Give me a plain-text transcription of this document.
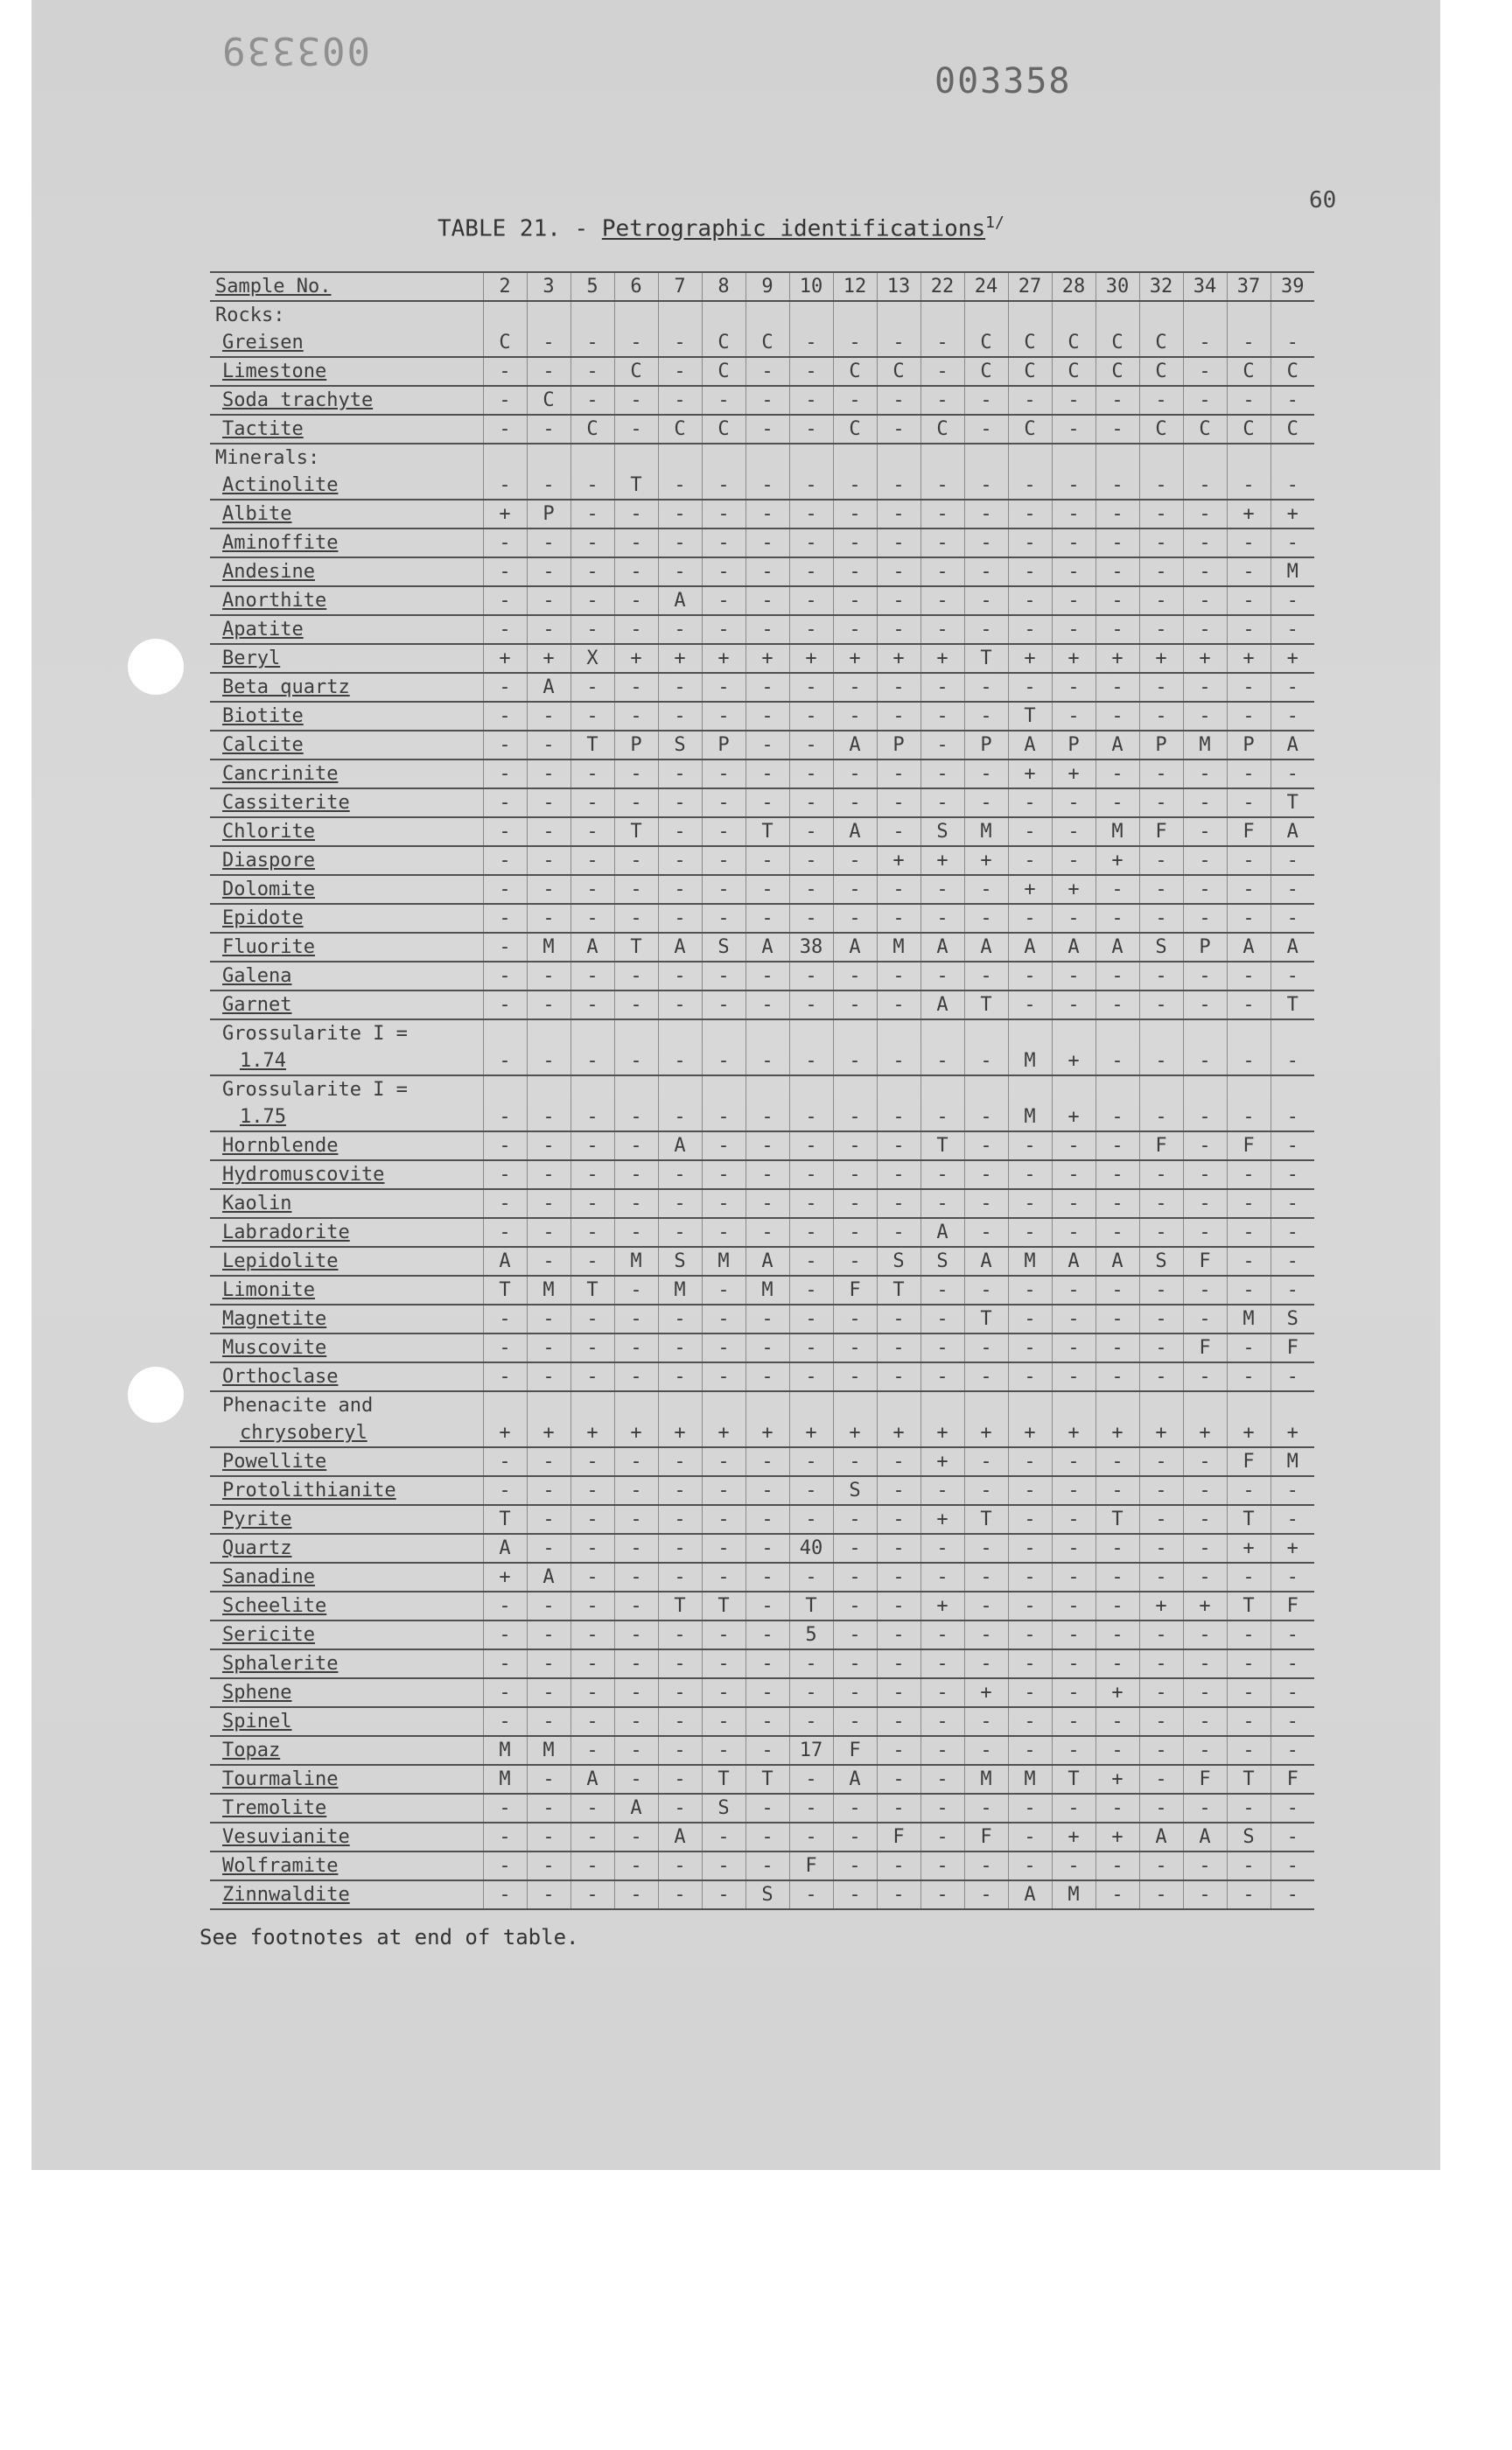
003339
003358
60
TABLE 21. - Petrographic identifications$^{1/}$
Sample No.	2	3	5	6	7	8	9	10	12	13	22	24	27	28	30	32	34	37	39
Rocks:																			
Greisen	C	-	-	-	-	C	C	-	-	-	-	C	C	C	C	C	-	-	-
Limestone	-	-	-	C	-	C	-	-	C	C	-	C	C	C	C	C	-	C	C
Soda trachyte	-	C	-	-	-	-	-	-	-	-	-	-	-	-	-	-	-	-	-
Tactite	-	-	C	-	C	C	-	-	C	-	C	-	C	-	-	C	C	C	C
Minerals:																			
Actinolite	-	-	-	T	-	-	-	-	-	-	-	-	-	-	-	-	-	-	-
Albite	+	P	-	-	-	-	-	-	-	-	-	-	-	-	-	-	-	+	+
Aminoffite	-	-	-	-	-	-	-	-	-	-	-	-	-	-	-	-	-	-	-
Andesine	-	-	-	-	-	-	-	-	-	-	-	-	-	-	-	-	-	-	M
Anorthite	-	-	-	-	A	-	-	-	-	-	-	-	-	-	-	-	-	-	-
Apatite	-	-	-	-	-	-	-	-	-	-	-	-	-	-	-	-	-	-	-
Beryl	+	+	X	+	+	+	+	+	+	+	+	T	+	+	+	+	+	+	+
Beta quartz	-	A	-	-	-	-	-	-	-	-	-	-	-	-	-	-	-	-	-
Biotite	-	-	-	-	-	-	-	-	-	-	-	-	T	-	-	-	-	-	-
Calcite	-	-	T	P	S	P	-	-	A	P	-	P	A	P	A	P	M	P	A
Cancrinite	-	-	-	-	-	-	-	-	-	-	-	-	+	+	-	-	-	-	-
Cassiterite	-	-	-	-	-	-	-	-	-	-	-	-	-	-	-	-	-	-	T
Chlorite	-	-	-	T	-	-	T	-	A	-	S	M	-	-	M	F	-	F	A
Diaspore	-	-	-	-	-	-	-	-	-	+	+	+	-	-	+	-	-	-	-
Dolomite	-	-	-	-	-	-	-	-	-	-	-	-	+	+	-	-	-	-	-
Epidote	-	-	-	-	-	-	-	-	-	-	-	-	-	-	-	-	-	-	-
Fluorite	-	M	A	T	A	S	A	38	A	M	A	A	A	A	A	S	P	A	A
Galena	-	-	-	-	-	-	-	-	-	-	-	-	-	-	-	-	-	-	-
Garnet	-	-	-	-	-	-	-	-	-	-	A	T	-	-	-	-	-	-	T
Grossularite I =																			
1.74	-	-	-	-	-	-	-	-	-	-	-	-	M	+	-	-	-	-	-
Grossularite I =																			
1.75	-	-	-	-	-	-	-	-	-	-	-	-	M	+	-	-	-	-	-
Hornblende	-	-	-	-	A	-	-	-	-	-	T	-	-	-	-	F	-	F	-
Hydromuscovite	-	-	-	-	-	-	-	-	-	-	-	-	-	-	-	-	-	-	-
Kaolin	-	-	-	-	-	-	-	-	-	-	-	-	-	-	-	-	-	-	-
Labradorite	-	-	-	-	-	-	-	-	-	-	A	-	-	-	-	-	-	-	-
Lepidolite	A	-	-	M	S	M	A	-	-	S	S	A	M	A	A	S	F	-	-
Limonite	T	M	T	-	M	-	M	-	F	T	-	-	-	-	-	-	-	-	-
Magnetite	-	-	-	-	-	-	-	-	-	-	-	T	-	-	-	-	-	M	S
Muscovite	-	-	-	-	-	-	-	-	-	-	-	-	-	-	-	-	F	-	F
Orthoclase	-	-	-	-	-	-	-	-	-	-	-	-	-	-	-	-	-	-	-
Phenacite and																			
chrysoberyl	+	+	+	+	+	+	+	+	+	+	+	+	+	+	+	+	+	+	+
Powellite	-	-	-	-	-	-	-	-	-	-	+	-	-	-	-	-	-	F	M
Protolithianite	-	-	-	-	-	-	-	-	S	-	-	-	-	-	-	-	-	-	-
Pyrite	T	-	-	-	-	-	-	-	-	-	+	T	-	-	T	-	-	T	-
Quartz	A	-	-	-	-	-	-	40	-	-	-	-	-	-	-	-	-	+	+
Sanadine	+	A	-	-	-	-	-	-	-	-	-	-	-	-	-	-	-	-	-
Scheelite	-	-	-	-	T	T	-	T	-	-	+	-	-	-	-	+	+	T	F
Sericite	-	-	-	-	-	-	-	5	-	-	-	-	-	-	-	-	-	-	-
Sphalerite	-	-	-	-	-	-	-	-	-	-	-	-	-	-	-	-	-	-	-
Sphene	-	-	-	-	-	-	-	-	-	-	-	+	-	-	+	-	-	-	-
Spinel	-	-	-	-	-	-	-	-	-	-	-	-	-	-	-	-	-	-	-
Topaz	M	M	-	-	-	-	-	17	F	-	-	-	-	-	-	-	-	-	-
Tourmaline	M	-	A	-	-	T	T	-	A	-	-	M	M	T	+	-	F	T	F
Tremolite	-	-	-	A	-	S	-	-	-	-	-	-	-	-	-	-	-	-	-
Vesuvianite	-	-	-	-	A	-	-	-	-	F	-	F	-	+	+	A	A	S	-
Wolframite	-	-	-	-	-	-	-	F	-	-	-	-	-	-	-	-	-	-	-
Zinnwaldite	-	-	-	-	-	-	S	-	-	-	-	-	A	M	-	-	-	-	-
See footnotes at end of table.
